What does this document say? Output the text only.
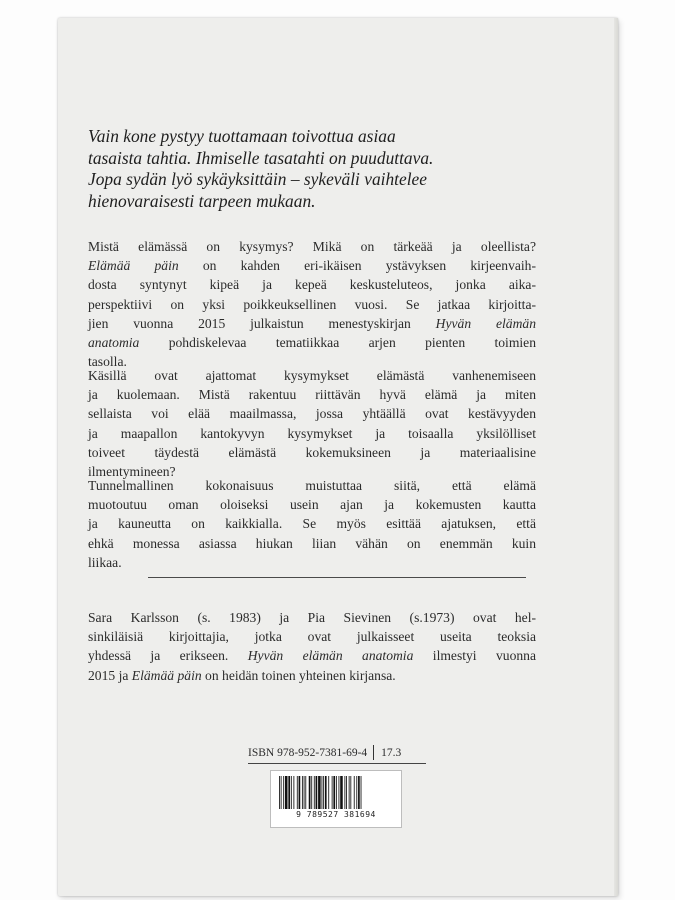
Vain kone pystyy tuottamaan toivottua asiaa
tasaista tahtia. Ihmiselle tasatahti on puuduttava.
Jopa sydän lyö sykäyksittäin – sykeväli vaihtelee
hienovaraisesti tarpeen mukaan.
Mistä elämässä on kysymys? Mikä on tärkeää ja oleellista?
Elämää päin on kahden eri-ikäisen ystävyksen kirjeenvaih-
dosta syntynyt kipeä ja kepeä keskusteluteos, jonka aika-
perspektiivi on yksi poikkeuksellinen vuosi. Se jatkaa kirjoitta-
jien vuonna 2015 julkaistun menestyskirjan Hyvän elämän
anatomia pohdiskelevaa tematiikkaa arjen pienten toimien
tasolla.
Käsillä ovat ajattomat kysymykset elämästä vanhenemiseen
ja kuolemaan. Mistä rakentuu riittävän hyvä elämä ja miten
sellaista voi elää maailmassa, jossa yhtäällä ovat kestävyyden
ja maapallon kantokyvyn kysymykset ja toisaalla yksilölliset
toiveet täydestä elämästä kokemuksineen ja materiaalisine
ilmentymineen?
Tunnelmallinen kokonaisuus muistuttaa siitä, että elämä
muotoutuu oman oloiseksi usein ajan ja kokemusten kautta
ja kauneutta on kaikkialla. Se myös esittää ajatuksen, että
ehkä monessa asiassa hiukan liian vähän on enemmän kuin
liikaa.
Sara Karlsson (s. 1983) ja Pia Sievinen (s.1973) ovat hel-
sinkiläisiä kirjoittajia, jotka ovat julkaisseet useita teoksia
yhdessä ja erikseen. Hyvän elämän anatomia ilmestyi vuonna
2015 ja Elämää päin on heidän toinen yhteinen kirjansa.
ISBN 978-952-7381-69-4 17.3
9 789527 381694
